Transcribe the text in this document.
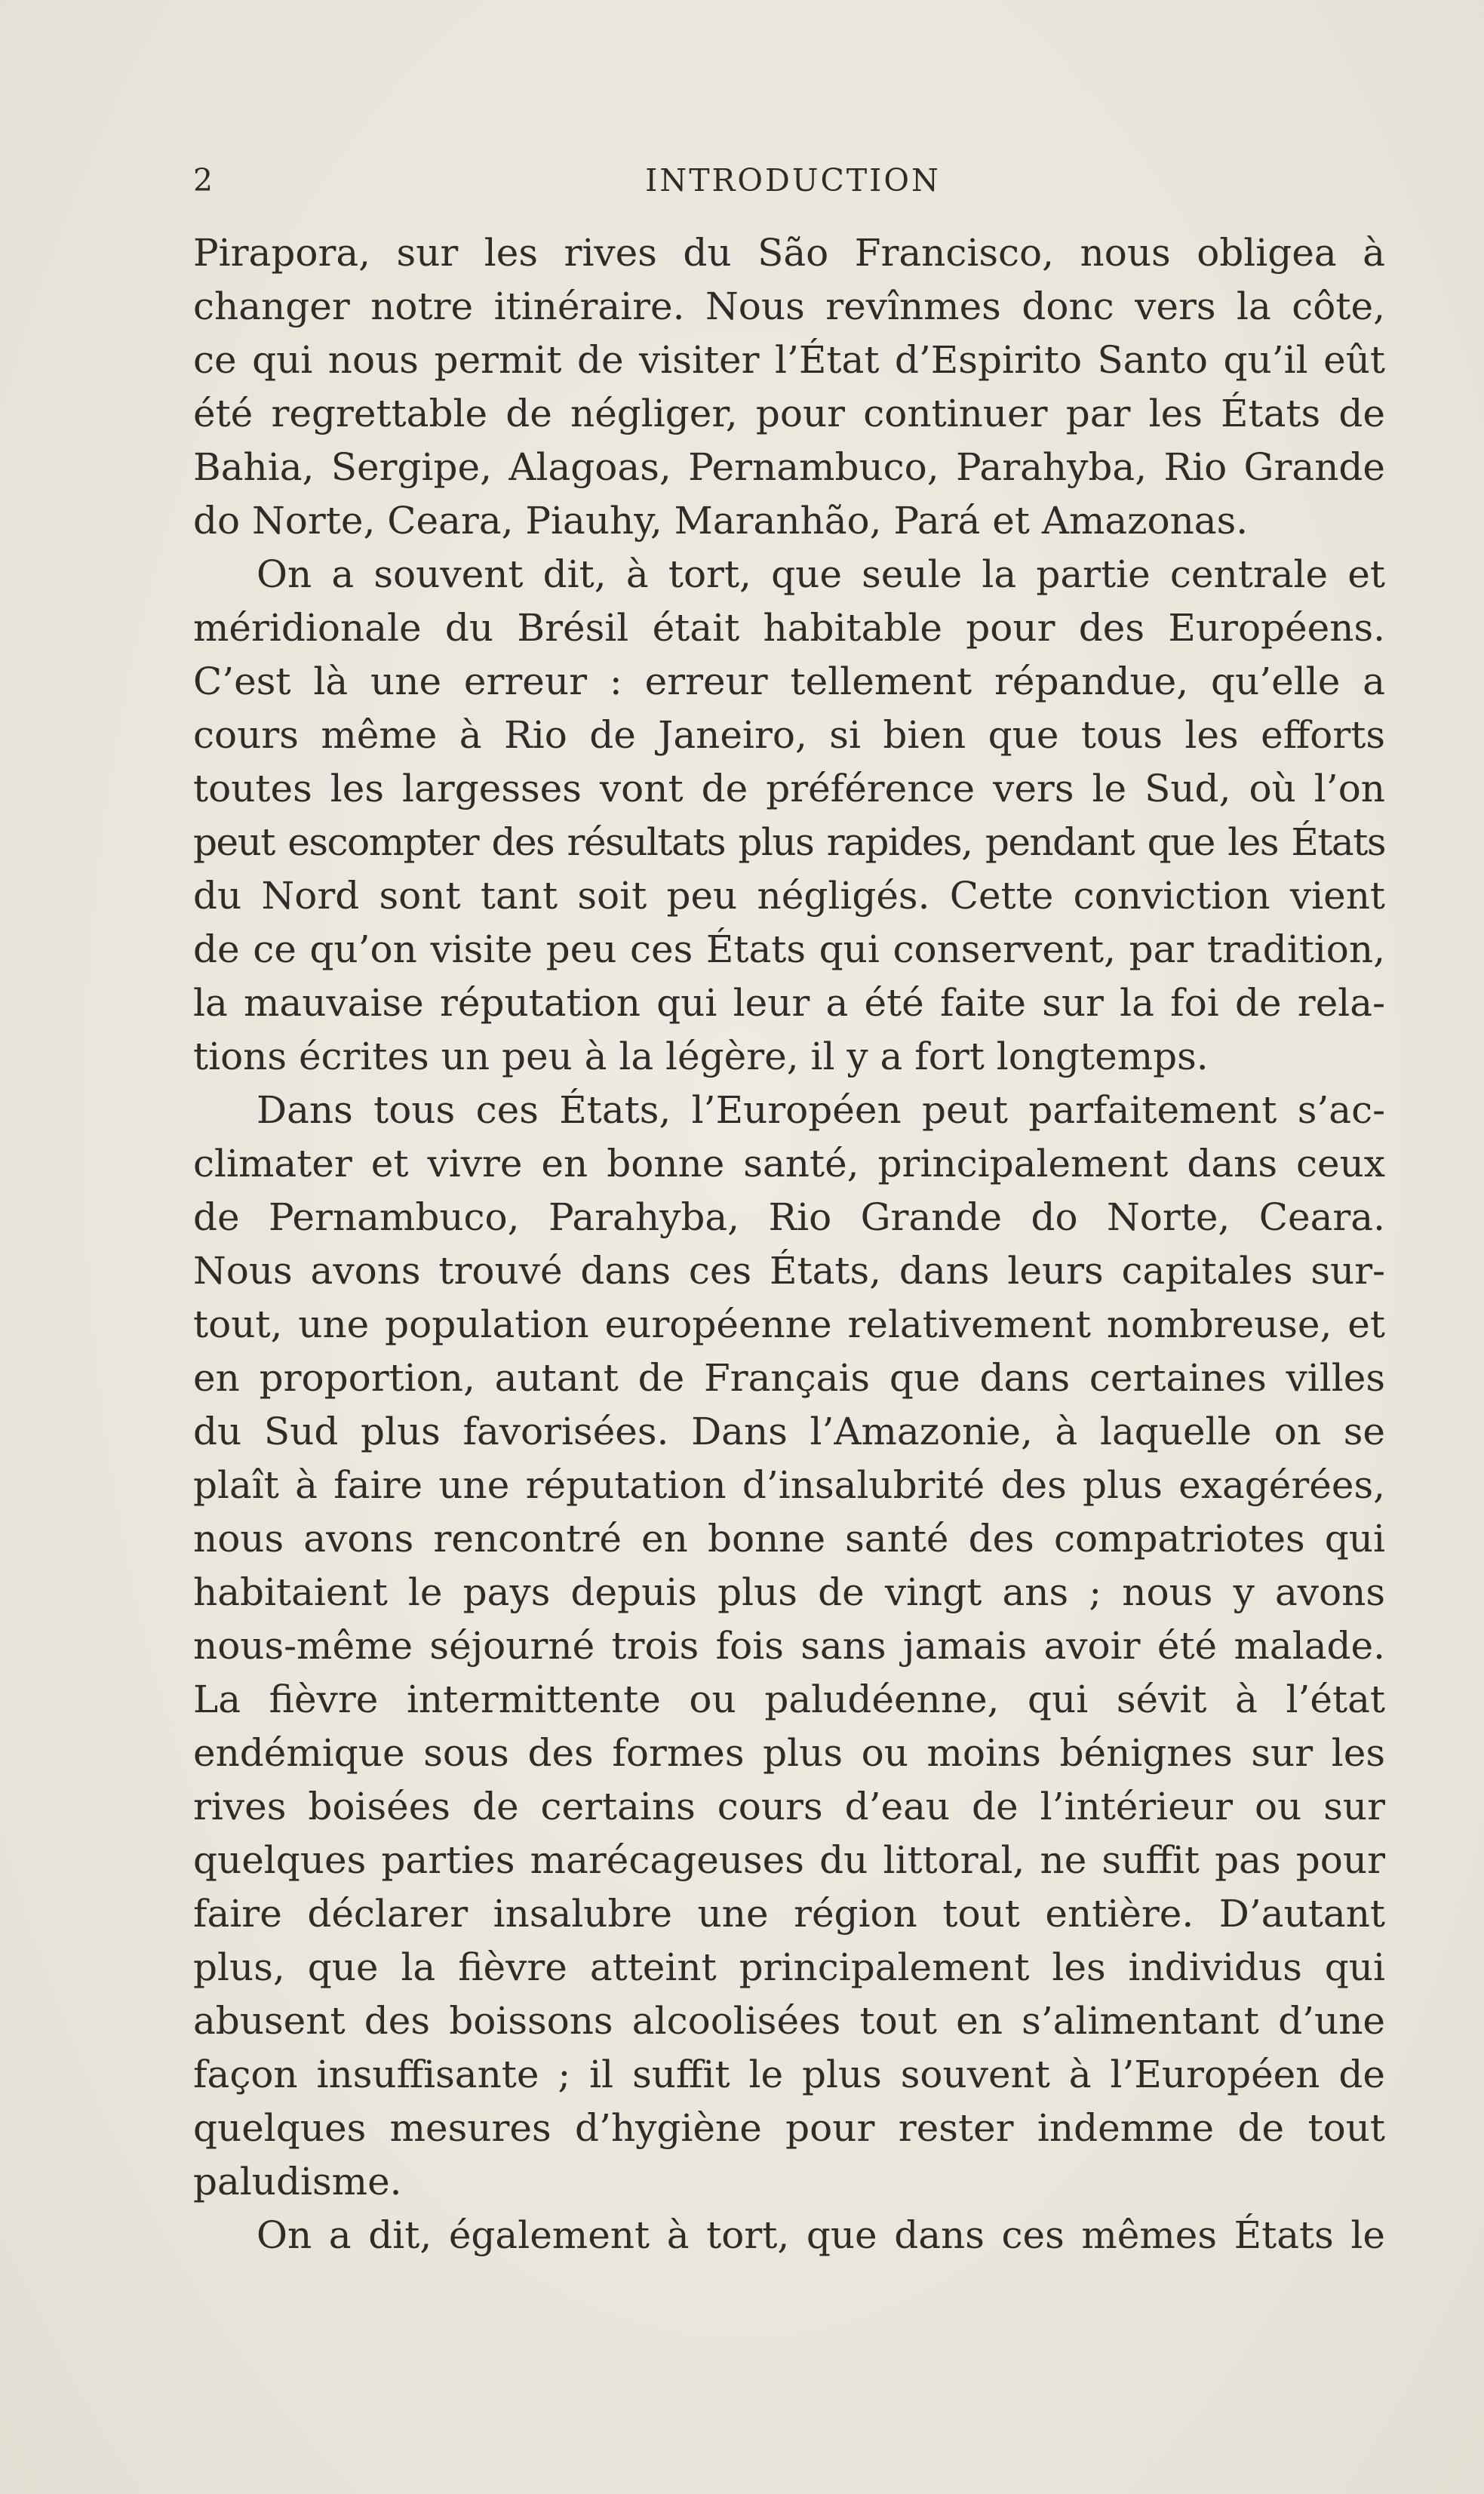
2	INTRODUCTION
Pirapora, sur les rives du São Francisco, nous obligea à
changer notre itinéraire. Nous revînmes donc vers la côte,
ce qui nous permit de visiter l’État d’Espirito Santo qu’il eût
été regrettable de négliger, pour continuer par les États de
Bahia, Sergipe, Alagoas, Pernambuco, Parahyba, Rio Grande
do Norte, Ceara, Piauhy, Maranhão, Pará et Amazonas.
On a souvent dit, à tort, que seule la partie centrale et
méridionale du Brésil était habitable pour des Européens.
C’est là une erreur : erreur tellement répandue, qu’elle a
cours même à Rio de Janeiro, si bien que tous les efforts
toutes les largesses vont de préférence vers le Sud, où l’on
peut escompter des résultats plus rapides, pendant que les États
du Nord sont tant soit peu négligés. Cette conviction vient
de ce qu’on visite peu ces États qui conservent, par tradition,
la mauvaise réputation qui leur a été faite sur la foi de rela-
tions écrites un peu à la légère, il y a fort longtemps.
Dans tous ces États, l’Européen peut parfaitement s’ac-
climater et vivre en bonne santé, principalement dans ceux
de Pernambuco, Parahyba, Rio Grande do Norte, Ceara.
Nous avons trouvé dans ces États, dans leurs capitales sur-
tout, une population européenne relativement nombreuse, et
en proportion, autant de Français que dans certaines villes
du Sud plus favorisées. Dans l’Amazonie, à laquelle on se
plaît à faire une réputation d’insalubrité des plus exagérées,
nous avons rencontré en bonne santé des compatriotes qui
habitaient le pays depuis plus de vingt ans ; nous y avons
nous-même séjourné trois fois sans jamais avoir été malade.
La fièvre intermittente ou paludéenne, qui sévit à l’état
endémique sous des formes plus ou moins bénignes sur les
rives boisées de certains cours d’eau de l’intérieur ou sur
quelques parties marécageuses du littoral, ne suffit pas pour
faire déclarer insalubre une région tout entière. D’autant
plus, que la fièvre atteint principalement les individus qui
abusent des boissons alcoolisées tout en s’alimentant d’une
façon insuffisante ; il suffit le plus souvent à l’Européen de
quelques mesures d’hygiène pour rester indemme de tout
paludisme.
On a dit, également à tort, que dans ces mêmes États le
